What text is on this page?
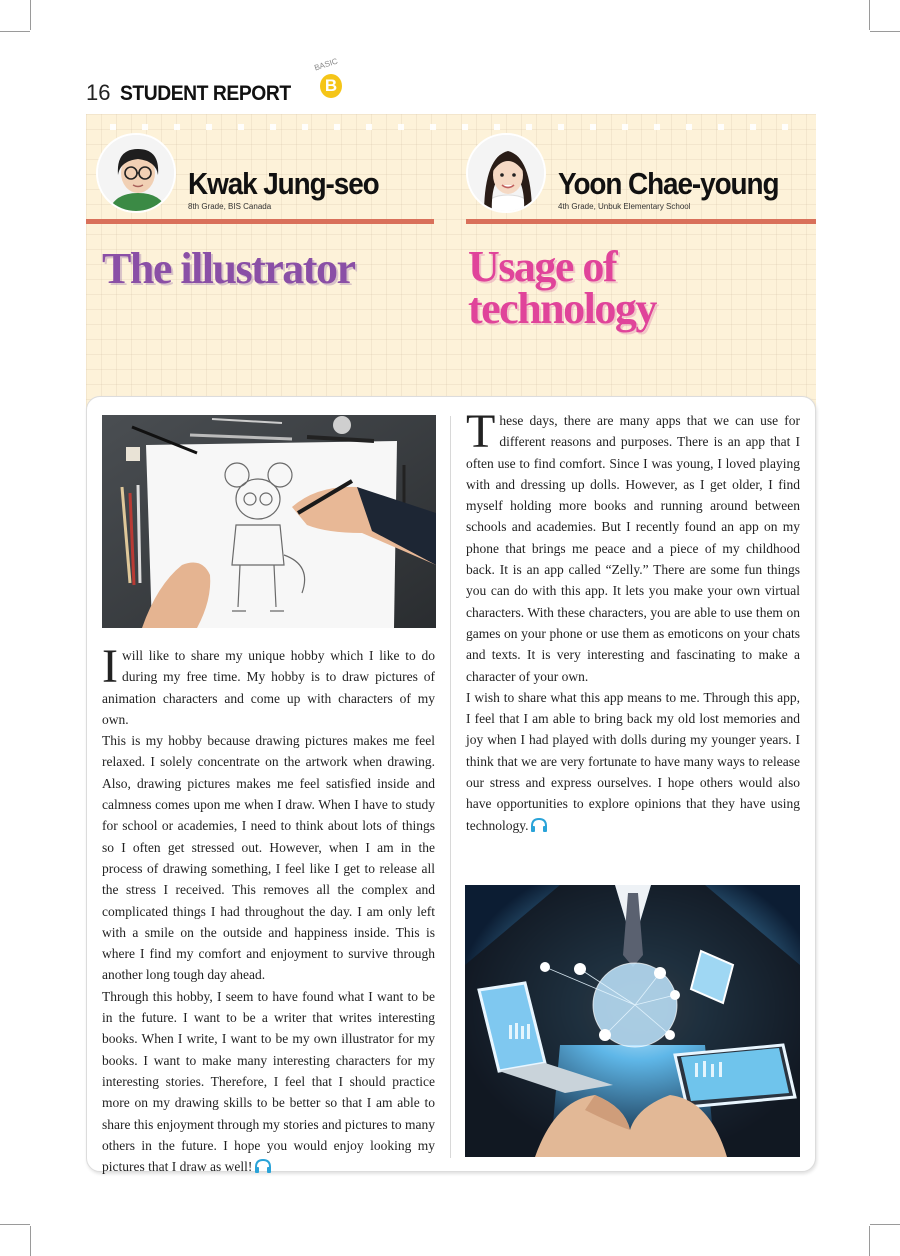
16 STUDENT REPORT
BASIC
B
Kwak Jung-seo
8th Grade, BIS Canada
Yoon Chae-young
4th Grade, Unbuk Elementary School
The illustrator	Usage of technology

Iwill like to share my unique hobby which I like to do during my free time. My hobby is to draw pictures of animation characters and come up with characters of my own.

This is my hobby because drawing pictures makes me feel relaxed. I solely concentrate on the artwork when drawing. Also, drawing pictures makes me feel satisfied inside and calmness comes upon me when I draw. When I have to study for school or academies, I need to think about lots of things so I often get stressed out. However, when I am in the process of drawing something, I feel like I get to release all the stress I received. This removes all the complex and complicated things I had throughout the day. I am only left with a smile on the outside and happiness inside. This is where I find my comfort and enjoyment to survive through another long tough day ahead.

Through this hobby, I seem to have found what I want to be in the future. I want to be a writer that writes interesting books. When I write, I want to be my own illustrator for my books. I want to make many interesting characters for my interesting stories. Therefore, I feel that I should practice more on my drawing skills to be better so that I am able to share this enjoyment through my stories and pictures to many others in the future. I hope you would enjoy looking my pictures that I draw as well!

These days, there are many apps that we can use for different reasons and purposes. There is an app that I often use to find comfort. Since I was young, I loved playing with and dressing up dolls. However, as I get older, I find myself holding more books and running around between schools and academies. But I recently found an app on my phone that brings me peace and a piece of my childhood back. It is an app called “Zelly.” There are some fun things you can do with this app. It lets you make your own virtual characters. With these characters, you are able to use them on games on your phone or use them as emoticons on your chats and texts. It is very interesting and fascinating to make a character of your own.

I wish to share what this app means to me. Through this app, I feel that I am able to bring back my old lost memories and joy when I had played with dolls during my younger years. I think that we are very fortunate to have many ways to release our stress and express ourselves. I hope others would also have opportunities to explore opinions that they have using technology.
